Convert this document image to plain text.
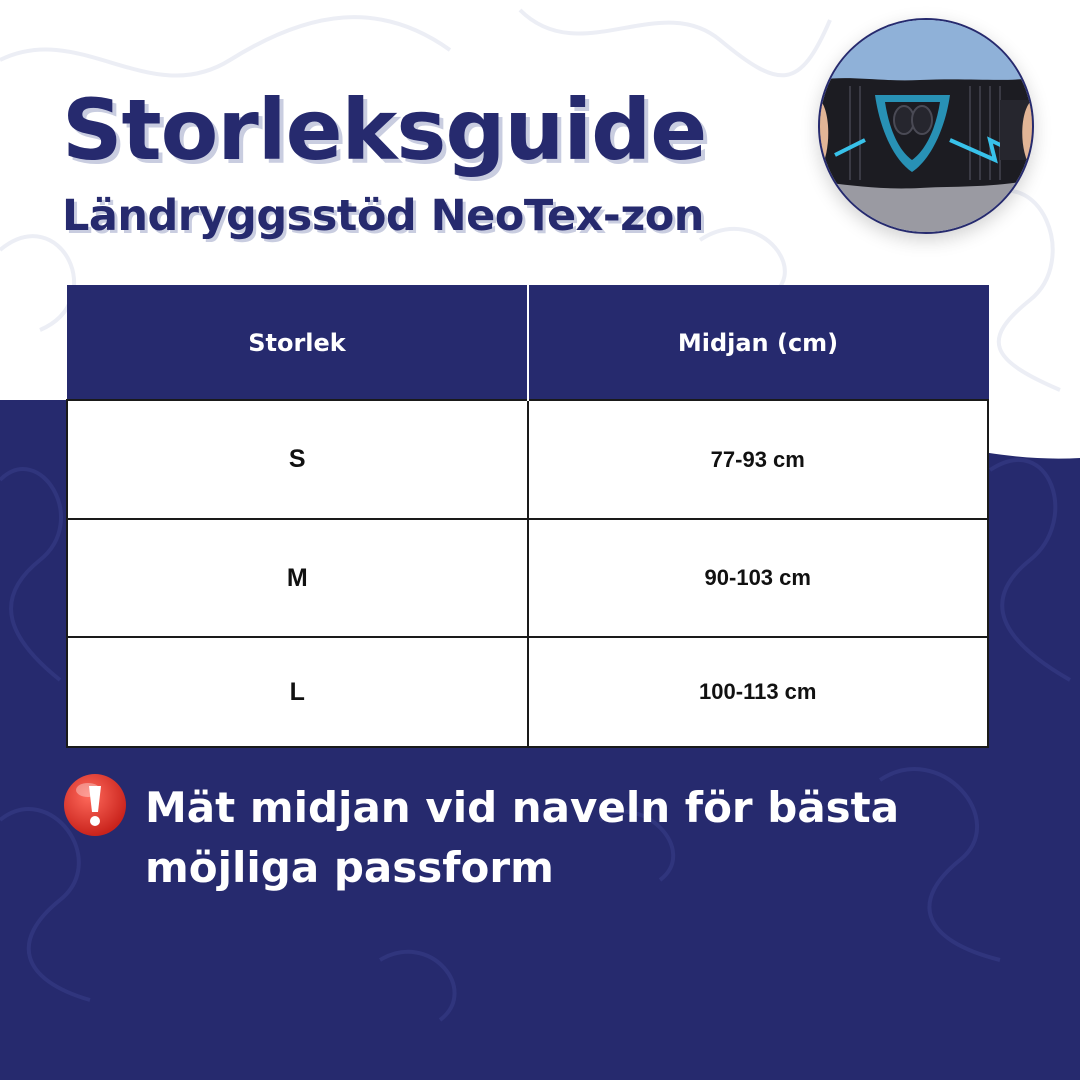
Storleksguide
Ländryggsstöd NeoTex-zon
Storlek	Midjan (cm)
S	77-93 cm
M	90-103 cm
L	100-113 cm

Mät midjan vid naveln för bästa möjliga passform
